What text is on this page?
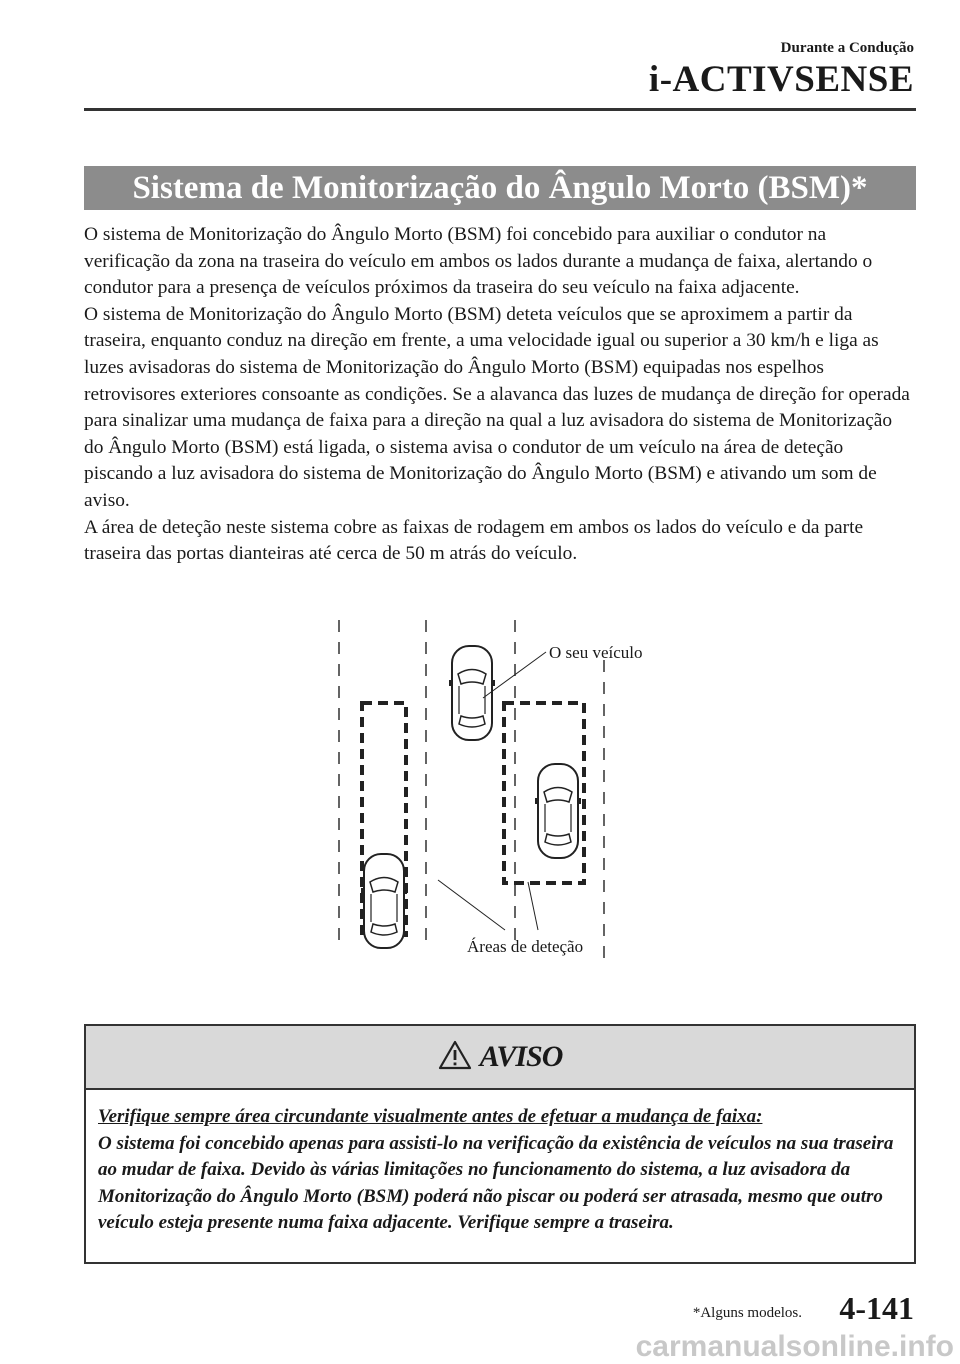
Durante a Condução
i-ACTIVSENSE
Sistema de Monitorização do Ângulo Morto (BSM)*

O sistema de Monitorização do Ângulo Morto (BSM) foi concebido para auxiliar o condutor na verificação da zona na traseira do veículo em ambos os lados durante a mudança de faixa, alertando o condutor para a presença de veículos próximos da traseira do seu veículo na faixa adjacente.

O sistema de Monitorização do Ângulo Morto (BSM) deteta veículos que se aproximem a partir da traseira, enquanto conduz na direção em frente, a uma velocidade igual ou superior a 30 km/h e liga as luzes avisadoras do sistema de Monitorização do Ângulo Morto (BSM) equipadas nos espelhos retrovisores exteriores consoante as condições. Se a alavanca das luzes de mudança de direção for operada para sinalizar uma mudança de faixa para a direção na qual a luz avisadora do sistema de Monitorização do Ângulo Morto (BSM) está ligada, o sistema avisa o condutor de um veículo na área de deteção piscando a luz avisadora do sistema de Monitorização do Ângulo Morto (BSM) e ativando um som de aviso.

A área de deteção neste sistema cobre as faixas de rodagem em ambos os lados do veículo e da parte traseira das portas dianteiras até cerca de 50 m atrás do veículo.

O seu veículo
Áreas de deteção
AVISO

Verifique sempre área circundante visualmente antes de efetuar a mudança de faixa:

O sistema foi concebido apenas para assisti-lo na verificação da existência de veículos na sua traseira ao mudar de faixa. Devido às várias limitações no funcionamento do sistema, a luz avisadora da Monitorização do Ângulo Morto (BSM) poderá não piscar ou poderá ser atrasada, mesmo que outro veículo esteja presente numa faixa adjacente. Verifique sempre a traseira.

*Alguns modelos. 4-141
carmanualsonline.info
